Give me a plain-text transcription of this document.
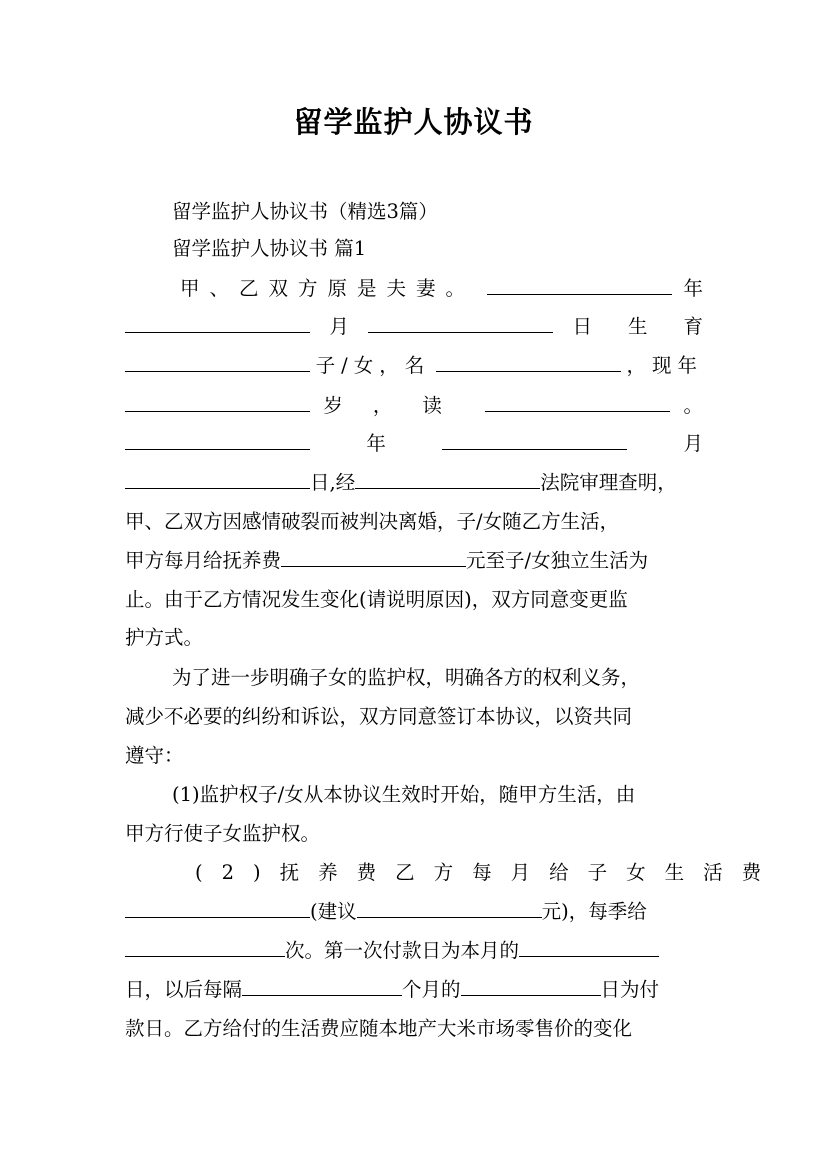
留学监护人协议书
留学监护人协议书（精选3篇）
留学监护人协议书 篇1
甲、乙双方原是夫妻。	年
月	日生育
子/女，名	，现年
岁，读	。
年	月
日,经	法院审理查明，
甲、乙双方因感情破裂而被判决离婚，子/女随乙方生活，
甲方每月给抚养费	元至子/女独立生活为
止。由于乙方情况发生变化(请说明原因)，双方同意变更监
护方式。
为了进一步明确子女的监护权，明确各方的权利义务，
减少不必要的纠纷和诉讼，双方同意签订本协议，以资共同
遵守：
(1)监护权子/女从本协议生效时开始，随甲方生活，由
甲方行使子女监护权。
(2)抚养费乙方每月给子女生活费
(建议	元)，每季给
次。第一次付款日为本月的
日，以后每隔	个月的	日为付
款日。乙方给付的生活费应随本地产大米市场零售价的变化
